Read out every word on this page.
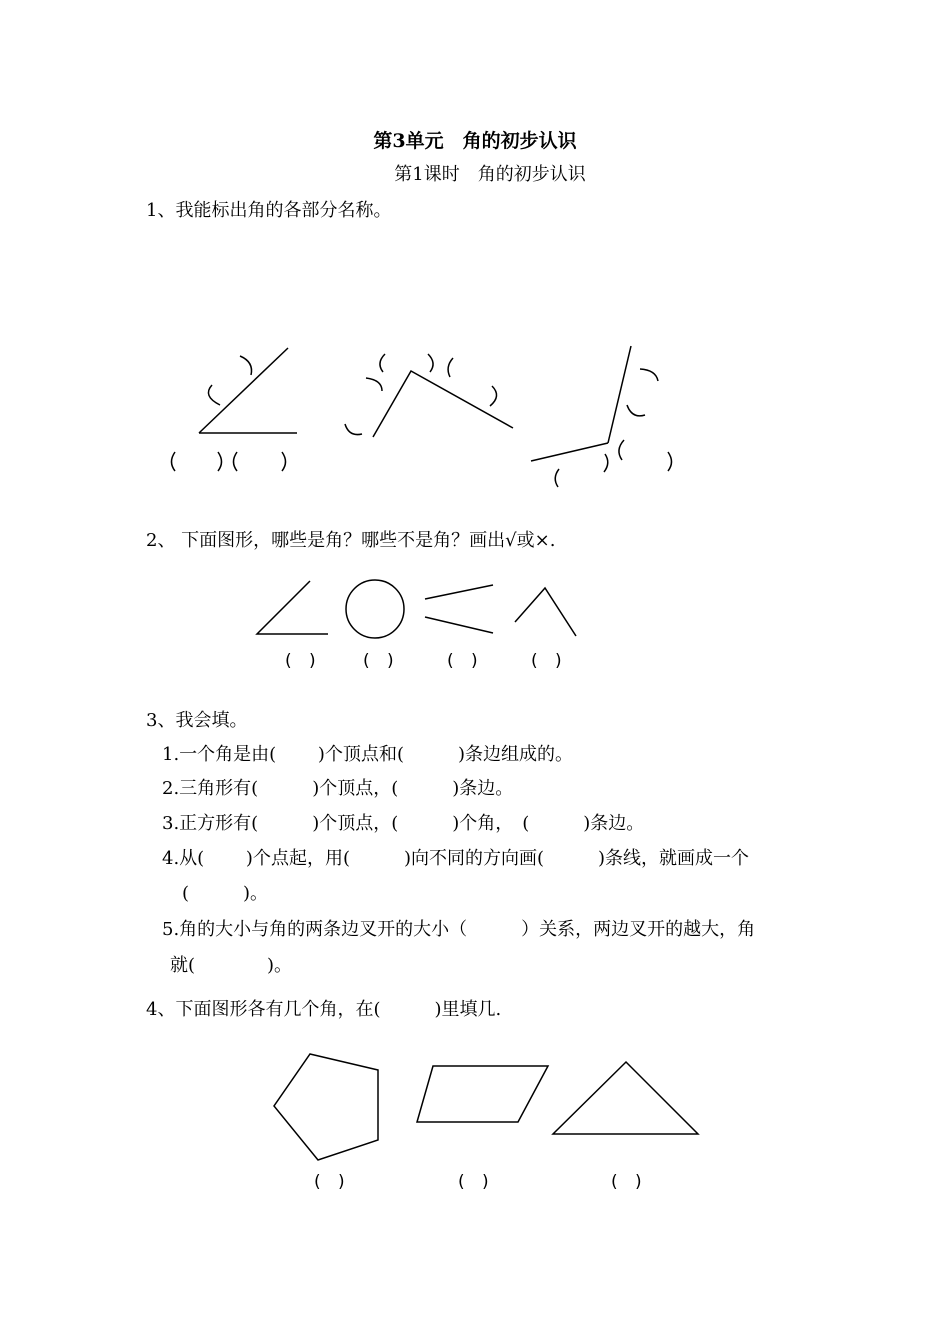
第3单元　角的初步认识
第1课时　角的初步认识
1、我能标出角的各部分名称。
2、 下面图形，哪些是角？哪些不是角？画出√或×.
( ) ( )	( )	( )
3、我会填。
1.一个角是由(　　 )个顶点和(　　　)条边组成的。
2.三角形有(　　　)个顶点，(　　　)条边。
3.正方形有(　　　)个顶点，(　　　)个角，　(　　　)条边。
4.从(　　 )个点起，用(　　　)向不同的方向画(　　　)条线，就画成一个
(　　　)。
5.角的大小与角的两条边叉开的大小（　　　）关系，两边叉开的越大，角
就(　　　　)。
4、下面图形各有几个角，在(　　　)里填几.
( )	( )	( )
